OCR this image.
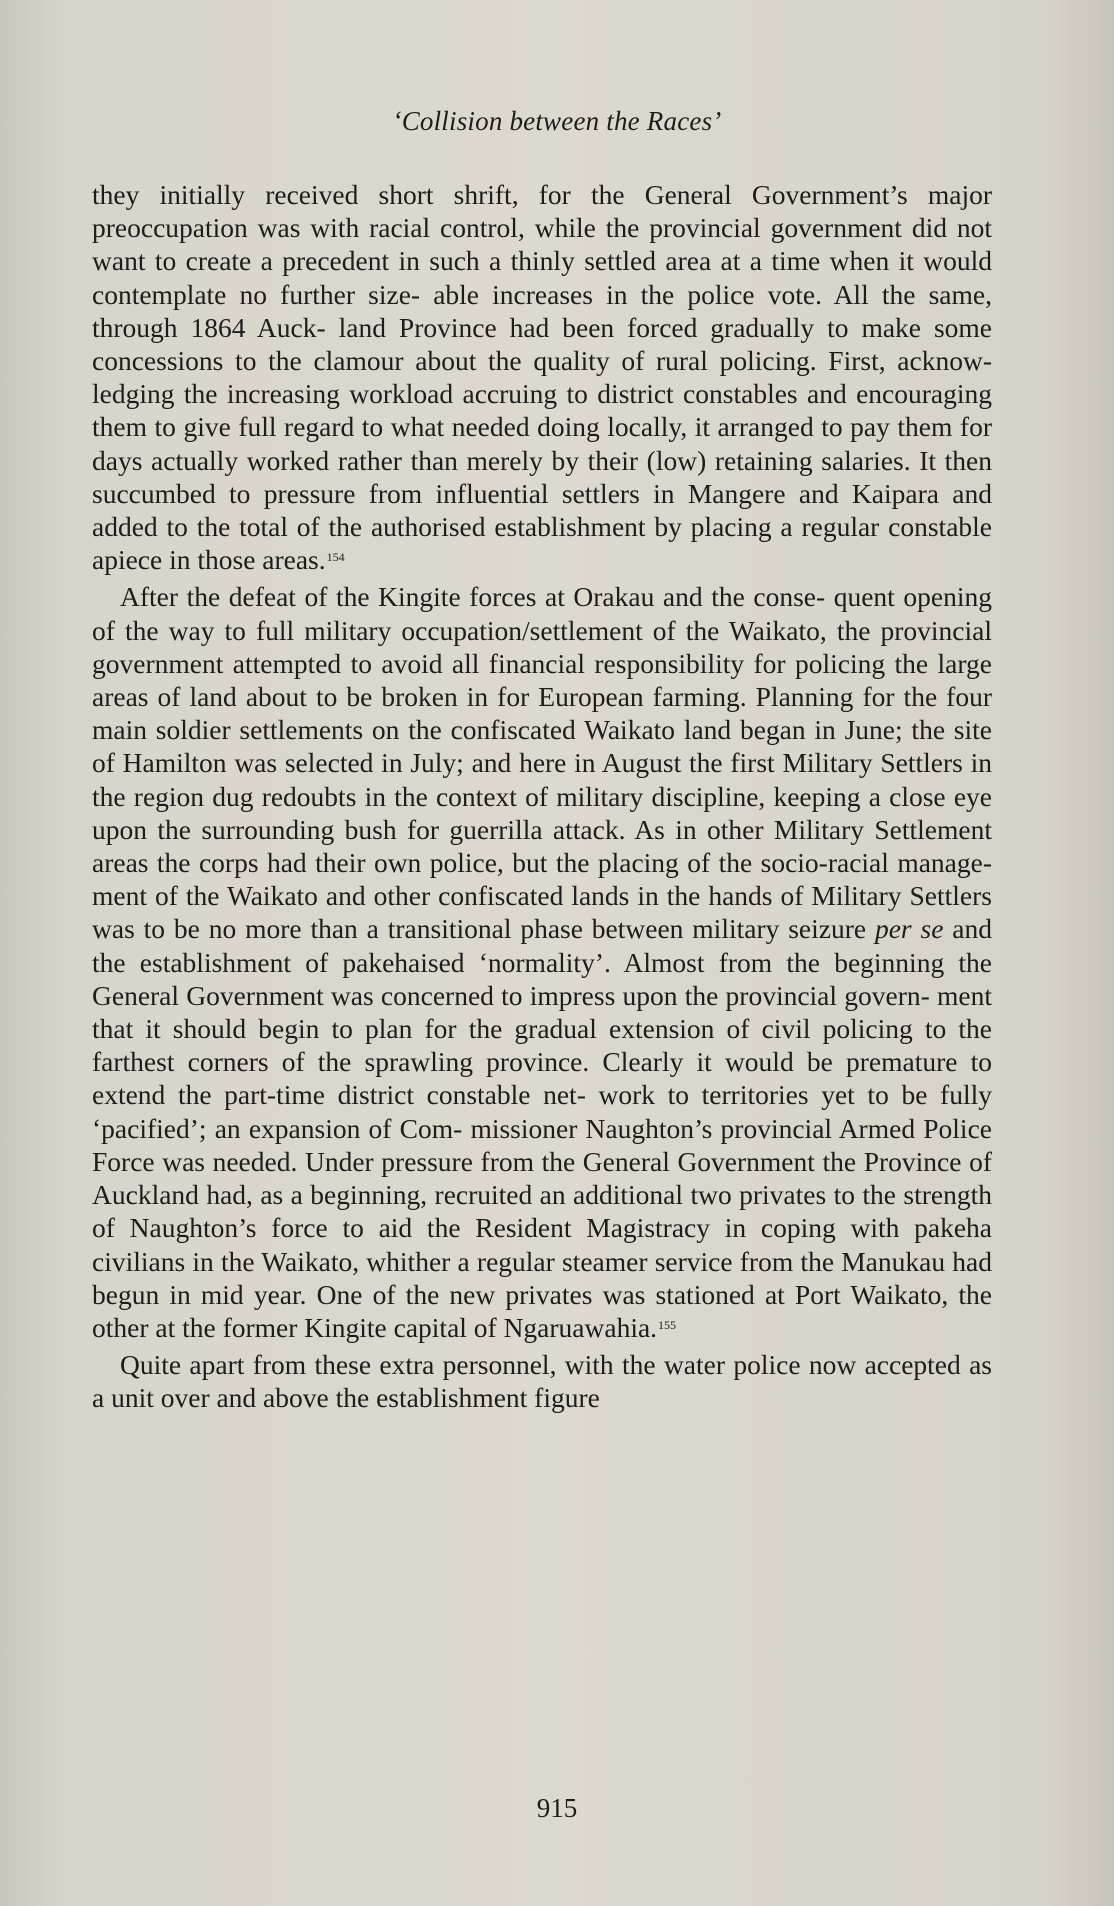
‘Collision between the Races’

they initially received short shrift, for the General Government’s major preoccupation was with racial control, while the provincial government did not want to create a precedent in such a thinly settled area at a time when it would contemplate no further size- able increases in the police vote. All the same, through 1864 Auck- land Province had been forced gradually to make some concessions to the clamour about the quality of rural policing. First, acknow- ledging the increasing workload accruing to district constables and encouraging them to give full regard to what needed doing locally, it arranged to pay them for days actually worked rather than merely by their (low) retaining salaries. It then succumbed to pressure from influential settlers in Mangere and Kaipara and added to the total of the authorised establishment by placing a regular constable apiece in those areas.$^{154}$

After the defeat of the Kingite forces at Orakau and the conse- quent opening of the way to full military occupation/settlement of the Waikato, the provincial government attempted to avoid all financial responsibility for policing the large areas of land about to be broken in for European farming. Planning for the four main soldier settlements on the confiscated Waikato land began in June; the site of Hamilton was selected in July; and here in August the first Military Settlers in the region dug redoubts in the context of military discipline, keeping a close eye upon the surrounding bush for guerrilla attack. As in other Military Settlement areas the corps had their own police, but the placing of the socio-racial manage- ment of the Waikato and other confiscated lands in the hands of Military Settlers was to be no more than a transitional phase between military seizure per se and the establishment of pakehaised ‘normality’. Almost from the beginning the General Government was concerned to impress upon the provincial govern- ment that it should begin to plan for the gradual extension of civil policing to the farthest corners of the sprawling province. Clearly it would be premature to extend the part-time district constable net- work to territories yet to be fully ‘pacified’; an expansion of Com- missioner Naughton’s provincial Armed Police Force was needed. Under pressure from the General Government the Province of Auckland had, as a beginning, recruited an additional two privates to the strength of Naughton’s force to aid the Resident Magistracy in coping with pakeha civilians in the Waikato, whither a regular steamer service from the Manukau had begun in mid year. One of the new privates was stationed at Port Waikato, the other at the former Kingite capital of Ngaruawahia.$^{155}$

Quite apart from these extra personnel, with the water police now accepted as a unit over and above the establishment figure

915
